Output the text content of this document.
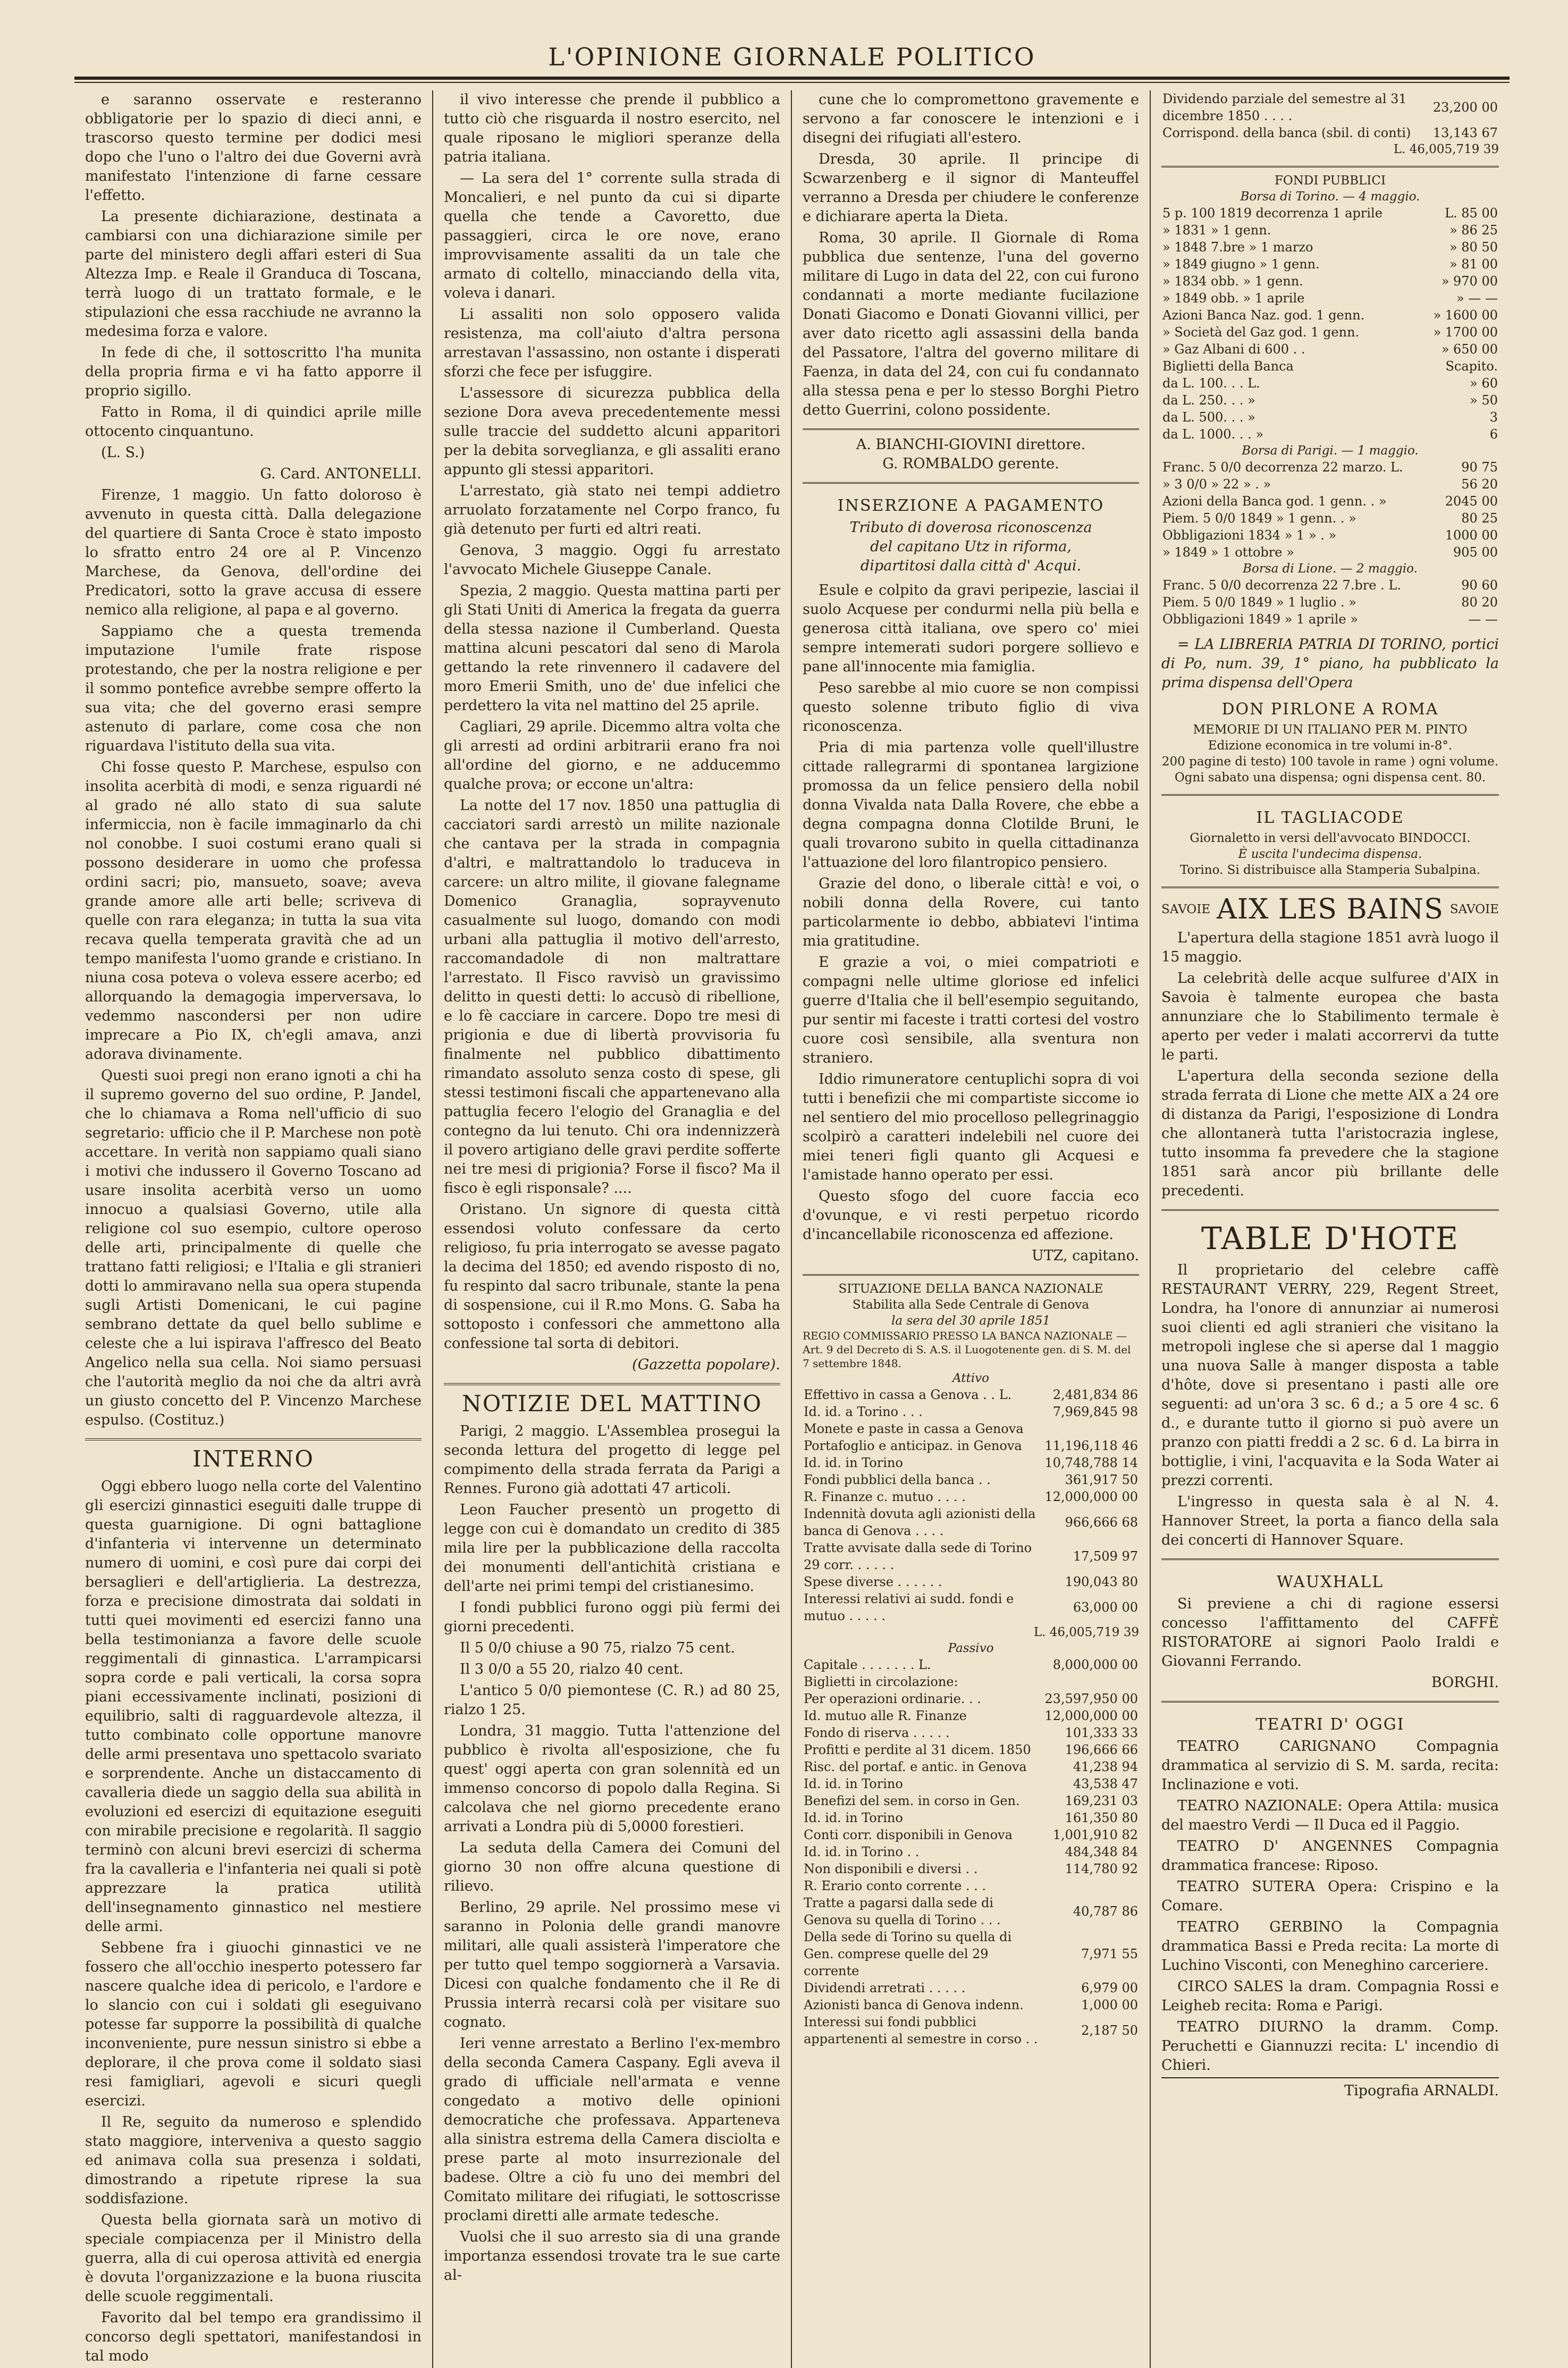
L'OPINIONE GIORNALE POLITICO

e saranno osservate e resteranno obbligatorie per lo spazio di dieci anni, e trascorso questo termine per dodici mesi dopo che l'uno o l'altro dei due Governi avrà manifestato l'intenzione di farne cessare l'effetto.

La presente dichiarazione, destinata a cambiarsi con una dichiarazione simile per parte del ministero degli affari esteri di Sua Altezza Imp. e Reale il Granduca di Toscana, terrà luogo di un trattato formale, e le stipulazioni che essa racchiude ne avranno la medesima forza e valore.

In fede di che, il sottoscritto l'ha munita della propria firma e vi ha fatto apporre il proprio sigillo.

Fatto in Roma, il di quindici aprile mille ottocento cinquantuno.

(L. S.)

G. Card. ANTONELLI.

Firenze, 1 maggio. Un fatto doloroso è avvenuto in questa città. Dalla delegazione del quartiere di Santa Croce è stato imposto lo sfratto entro 24 ore al P. Vincenzo Marchese, da Genova, dell'ordine dei Predicatori, sotto la grave accusa di essere nemico alla religione, al papa e al governo.

Sappiamo che a questa tremenda imputazione l'umile frate rispose protestando, che per la nostra religione e per il sommo pontefice avrebbe sempre offerto la sua vita; che del governo erasi sempre astenuto di parlare, come cosa che non riguardava l'istituto della sua vita.

Chi fosse questo P. Marchese, espulso con insolita acerbità di modi, e senza riguardi né al grado né allo stato di sua salute infermiccia, non è facile immaginarlo da chi nol conobbe. I suoi costumi erano quali si possono desiderare in uomo che professa ordini sacri; pio, mansueto, soave; aveva grande amore alle arti belle; scriveva di quelle con rara eleganza; in tutta la sua vita recava quella temperata gravità che ad un tempo manifesta l'uomo grande e cristiano. In niuna cosa poteva o voleva essere acerbo; ed allorquando la demagogia imperversava, lo vedemmo nascondersi per non udire imprecare a Pio IX, ch'egli amava, anzi adorava divinamente.

Questi suoi pregi non erano ignoti a chi ha il supremo governo del suo ordine, P. Jandel, che lo chiamava a Roma nell'ufficio di suo segretario: ufficio che il P. Marchese non potè accettare. In verità non sappiamo quali siano i motivi che indussero il Governo Toscano ad usare insolita acerbità verso un uomo innocuo a qualsiasi Governo, utile alla religione col suo esempio, cultore operoso delle arti, principalmente di quelle che trattano fatti religiosi; e l'Italia e gli stranieri dotti lo ammiravano nella sua opera stupenda sugli Artisti Domenicani, le cui pagine sembrano dettate da quel bello sublime e celeste che a lui ispirava l'affresco del Beato Angelico nella sua cella. Noi siamo persuasi che l'autorità meglio da noi che da altri avrà un giusto concetto del P. Vincenzo Marchese espulso. (Costituz.)

INTERNO

Oggi ebbero luogo nella corte del Valentino gli esercizi ginnastici eseguiti dalle truppe di questa guarnigione. Di ogni battaglione d'infanteria vi intervenne un determinato numero di uomini, e così pure dai corpi dei bersaglieri e dell'artiglieria. La destrezza, forza e precisione dimostrata dai soldati in tutti quei movimenti ed esercizi fanno una bella testimonianza a favore delle scuole reggimentali di ginnastica. L'arrampicarsi sopra corde e pali verticali, la corsa sopra piani eccessivamente inclinati, posizioni di equilibrio, salti di ragguardevole altezza, il tutto combinato colle opportune manovre delle armi presentava uno spettacolo svariato e sorprendente. Anche un distaccamento di cavalleria diede un saggio della sua abilità in evoluzioni ed esercizi di equitazione eseguiti con mirabile precisione e regolarità. Il saggio terminò con alcuni brevi esercizi di scherma fra la cavalleria e l'infanteria nei quali si potè apprezzare la pratica utilità dell'insegnamento ginnastico nel mestiere delle armi.

Sebbene fra i giuochi ginnastici ve ne fossero che all'occhio inesperto potessero far nascere qualche idea di pericolo, e l'ardore e lo slancio con cui i soldati gli eseguivano potesse far supporre la possibilità di qualche inconveniente, pure nessun sinistro si ebbe a deplorare, il che prova come il soldato siasi resi famigliari, agevoli e sicuri quegli esercizi.

Il Re, seguito da numeroso e splendido stato maggiore, interveniva a questo saggio ed animava colla sua presenza i soldati, dimostrando a ripetute riprese la sua soddisfazione.

Questa bella giornata sarà un motivo di speciale compiacenza per il Ministro della guerra, alla di cui operosa attività ed energia è dovuta l'organizzazione e la buona riuscita delle scuole reggimentali.

Favorito dal bel tempo era grandissimo il concorso degli spettatori, manifestandosi in tal modo

il vivo interesse che prende il pubblico a tutto ciò che risguarda il nostro esercito, nel quale riposano le migliori speranze della patria italiana.

— La sera del 1° corrente sulla strada di Moncalieri, e nel punto da cui si diparte quella che tende a Cavoretto, due passaggieri, circa le ore nove, erano improvvisamente assaliti da un tale che armato di coltello, minacciando della vita, voleva i danari.

Li assaliti non solo opposero valida resistenza, ma coll'aiuto d'altra persona arrestavan l'assassino, non ostante i disperati sforzi che fece per isfuggire.

L'assessore di sicurezza pubblica della sezione Dora aveva precedentemente messi sulle traccie del suddetto alcuni apparitori per la debita sorveglianza, e gli assaliti erano appunto gli stessi apparitori.

L'arrestato, già stato nei tempi addietro arruolato forzatamente nel Corpo franco, fu già detenuto per furti ed altri reati.

Genova, 3 maggio. Oggi fu arrestato l'avvocato Michele Giuseppe Canale.

Spezia, 2 maggio. Questa mattina parti per gli Stati Uniti di America la fregata da guerra della stessa nazione il Cumberland. Questa mattina alcuni pescatori dal seno di Marola gettando la rete rinvennero il cadavere del moro Emerii Smith, uno de' due infelici che perdettero la vita nel mattino del 25 aprile.

Cagliari, 29 aprile. Dicemmo altra volta che gli arresti ad ordini arbitrarii erano fra noi all'ordine del giorno, e ne adducemmo qualche prova; or eccone un'altra:

La notte del 17 nov. 1850 una pattuglia di cacciatori sardi arrestò un milite nazionale che cantava per la strada in compagnia d'altri, e maltrattandolo lo traduceva in carcere: un altro milite, il giovane falegname Domenico Granaglia, soprayvenuto casualmente sul luogo, domando con modi urbani alla pattuglia il motivo dell'arresto, raccomandadole di non maltrattare l'arrestato. Il Fisco ravvisò un gravissimo delitto in questi detti: lo accusò di ribellione, e lo fè cacciare in carcere. Dopo tre mesi di prigionia e due di libertà provvisoria fu finalmente nel pubblico dibattimento rimandato assoluto senza costo di spese, gli stessi testimoni fiscali che appartenevano alla pattuglia fecero l'elogio del Granaglia e del contegno da lui tenuto. Chi ora indennizzerà il povero artigiano delle gravi perdite sofferte nei tre mesi di prigionia? Forse il fisco? Ma il fisco è egli risponsale? ....

Oristano. Un signore di questa città essendosi voluto confessare da certo religioso, fu pria interrogato se avesse pagato la decima del 1850; ed avendo risposto di no, fu respinto dal sacro tribunale, stante la pena di sospensione, cui il R.mo Mons. G. Saba ha sottoposto i confessori che ammettono alla confessione tal sorta di debitori.

(Gazzetta popolare).

NOTIZIE DEL MATTINO

Parigi, 2 maggio. L'Assemblea prosegui la seconda lettura del progetto di legge pel compimento della strada ferrata da Parigi a Rennes. Furono già adottati 47 articoli.

Leon Faucher presentò un progetto di legge con cui è domandato un credito di 385 mila lire per la pubblicazione della raccolta dei monumenti dell'antichità cristiana e dell'arte nei primi tempi del cristianesimo.

I fondi pubblici furono oggi più fermi dei giorni precedenti.

Il 5 0/0 chiuse a 90 75, rialzo 75 cent.

Il 3 0/0 a 55 20, rialzo 40 cent.

L'antico 5 0/0 piemontese (C. R.) ad 80 25, rialzo 1 25.

Londra, 31 maggio. Tutta l'attenzione del pubblico è rivolta all'esposizione, che fu quest' oggi aperta con gran solennità ed un immenso concorso di popolo dalla Regina. Si calcolava che nel giorno precedente erano arrivati a Londra più di 5,0000 forestieri.

La seduta della Camera dei Comuni del giorno 30 non offre alcuna questione di rilievo.

Berlino, 29 aprile. Nel prossimo mese vi saranno in Polonia delle grandi manovre militari, alle quali assisterà l'imperatore che per tutto quel tempo soggiornerà a Varsavia. Dicesi con qualche fondamento che il Re di Prussia interrà recarsi colà per visitare suo cognato.

Ieri venne arrestato a Berlino l'ex-membro della seconda Camera Caspany. Egli aveva il grado di ufficiale nell'armata e venne congedato a motivo delle opinioni democratiche che professava. Apparteneva alla sinistra estrema della Camera disciolta e prese parte al moto insurrezionale del badese. Oltre a ciò fu uno dei membri del Comitato militare dei rifugiati, le sottoscrisse proclami diretti alle armate tedesche.

Vuolsi che il suo arresto sia di una grande importanza essendosi trovate tra le sue carte al-

cune che lo compromettono gravemente e servono a far conoscere le intenzioni e i disegni dei rifugiati all'estero.

Dresda, 30 aprile. Il principe di Scwarzenberg e il signor di Manteuffel verranno a Dresda per chiudere le conferenze e dichiarare aperta la Dieta.

Roma, 30 aprile. Il Giornale di Roma pubblica due sentenze, l'una del governo militare di Lugo in data del 22, con cui furono condannati a morte mediante fucilazione Donati Giacomo e Donati Giovanni villici, per aver dato ricetto agli assassini della banda del Passatore, l'altra del governo militare di Faenza, in data del 24, con cui fu condannato alla stessa pena e per lo stesso Borghi Pietro detto Guerrini, colono possidente.

A. BIANCHI-GIOVINI direttore.
G. ROMBALDO gerente.
INSERZIONE A PAGAMENTO
Tributo di doverosa riconoscenza
del capitano Utz in riforma,
dipartitosi dalla città d' Acqui.

Esule e colpito da gravi peripezie, lasciai il suolo Acquese per condurmi nella più bella e generosa città italiana, ove spero co' miei sempre intemerati sudori porgere sollievo e pane all'innocente mia famiglia.

Peso sarebbe al mio cuore se non compissi questo solenne tributo figlio di viva riconoscenza.

Pria di mia partenza volle quell'illustre cittade rallegrarmi di spontanea largizione promossa da un felice pensiero della nobil donna Vivalda nata Dalla Rovere, che ebbe a degna compagna donna Clotilde Bruni, le quali trovarono subito in quella cittadinanza l'attuazione del loro filantropico pensiero.

Grazie del dono, o liberale città! e voi, o nobili donna della Rovere, cui tanto particolarmente io debbo, abbiatevi l'intima mia gratitudine.

E grazie a voi, o miei compatrioti e compagni nelle ultime gloriose ed infelici guerre d'Italia che il bell'esempio seguitando, pur sentir mi faceste i tratti cortesi del vostro cuore così sensibile, alla sventura non straniero.

Iddio rimuneratore centuplichi sopra di voi tutti i benefizii che mi compartiste siccome io nel sentiero del mio procelloso pellegrinaggio scolpirò a caratteri indelebili nel cuore dei miei teneri figli quanto gli Acquesi e l'amistade hanno operato per essi.

Questo sfogo del cuore faccia eco d'ovunque, e vi resti perpetuo ricordo d'incancellabile riconoscenza ed affezione.

UTZ, capitano.

SITUAZIONE DELLA BANCA NAZIONALE
Stabilita alla Sede Centrale di Genova
la sera del 30 aprile 1851
REGIO COMMISSARIO PRESSO LA BANCA NAZIONALE — Art. 9 del Decreto di S. A.S. il Luogotenente gen. di S. M. del 7 settembre 1848.
Attivo
Effettivo in cassa a Genova . . L.	2,481,834 86
Id. id. a Torino . . .	7,969,845 98
Monete e paste in cassa a Genova	
Portafoglio e anticipaz. in Genova	11,196,118 46
Id. id. in Torino	10,748,788 14
Fondi pubblici della banca . .	361,917 50
R. Finanze c. mutuo . . . .	12,000,000 00
Indennità dovuta agli azionisti della banca di Genova . . . .	966,666 68
Tratte avvisate dalla sede di Torino 29 corr. . . . . .	17,509 97
Spese diverse . . . . . .	190,043 80
Interessi relativi ai sudd. fondi e mutuo . . . . .	63,000 00
L. 46,005,719 39
Passivo
Capitale . . . . . . . L.	8,000,000 00
Biglietti in circolazione:	
Per operazioni ordinarie. . .	23,597,950 00
Id. mutuo alle R. Finanze	12,000,000 00
Fondo di riserva . . . . .	101,333 33
Profitti e perdite al 31 dicem. 1850	196,666 66
Risc. del portaf. e antic. in Genova	41,238 94
Id. id. in Torino	43,538 47
Benefizi del sem. in corso in Gen.	169,231 03
Id. id. in Torino	161,350 80
Conti corr. disponibili in Genova	1,001,910 82
Id. id. in Torino . .	484,348 84
Non disponibili e diversi . .	114,780 92
R. Erario conto corrente . . .	
Tratte a pagarsi dalla sede di Genova su quella di Torino . . .	40,787 86
Della sede di Torino su quella di Gen. comprese quelle del 29 corrente	7,971 55
Dividendi arretrati . . . . .	6,979 00
Azionisti banca di Genova indenn.	1,000 00
Interessi sui fondi pubblici appartenenti al semestre in corso . .	2,187 50
Dividendo parziale del semestre al 31 dicembre 1850 . . . .	23,200 00
Corrispond. della banca (sbil. di conti)	13,143 67
L. 46,005,719 39
FONDI PUBBLICI
Borsa di Torino. — 4 maggio.
5 p. 100 1819 decorrenza 1 aprile	L. 85 00
» 1831 » 1 genn.	» 86 25
» 1848 7.bre » 1 marzo	» 80 50
» 1849 giugno » 1 genn.	» 81 00
» 1834 obb. » 1 genn.	» 970 00
» 1849 obb. » 1 aprile	» — —
Azioni Banca Naz. god. 1 genn.	» 1600 00
» Società del Gaz god. 1 genn.	» 1700 00
» Gaz Albani di 600 . .	» 650 00
Biglietti della Banca	Scapito.
da L. 100. . . L.	» 60
da L. 250. . . »	» 50
da L. 500. . . »	3
da L. 1000. . . »	6
Borsa di Parigi. — 1 maggio.
Franc. 5 0/0 decorrenza 22 marzo. L.	90 75
» 3 0/0 » 22 » . »	56 20
Azioni della Banca god. 1 genn. . »	2045 00
Piem. 5 0/0 1849 » 1 genn. . »	80 25
Obbligazioni 1834 » 1 » . »	1000 00
» 1849 » 1 ottobre »	905 00
Borsa di Lione. — 2 maggio.
Franc. 5 0/0 decorrenza 22 7.bre . L.	90 60
Piem. 5 0/0 1849 » 1 luglio . »	80 20
Obbligazioni 1849 » 1 aprile »	— —

= LA LIBRERIA PATRIA DI TORINO, portici di Po, num. 39, 1° piano, ha pubblicato la prima dispensa dell'Opera

DON PIRLONE A ROMA
MEMORIE DI UN ITALIANO PER M. PINTO
Edizione economica in tre volumi in-8°.
200 pagine di testo) 100 tavole in rame ) ogni volume.
Ogni sabato una dispensa; ogni dispensa cent. 80.
IL TAGLIACODE
Giornaletto in versi dell'avvocato BINDOCCI.
È uscita l'undecima dispensa.
Torino. Si distribuisce alla Stamperia Subalpina.
SAVOIE AIX LES BAINS SAVOIE

L'apertura della stagione 1851 avrà luogo il 15 maggio.

La celebrità delle acque sulfuree d'AIX in Savoia è talmente europea che basta annunziare che lo Stabilimento termale è aperto per veder i malati accorrervi da tutte le parti.

L'apertura della seconda sezione della strada ferrata di Lione che mette AIX a 24 ore di distanza da Parigi, l'esposizione di Londra che allontanerà tutta l'aristocrazia inglese, tutto insomma fa prevedere che la stagione 1851 sarà ancor più brillante delle precedenti.

TABLE D'HOTE

Il proprietario del celebre caffè RESTAURANT VERRY, 229, Regent Street, Londra, ha l'onore di annunziar ai numerosi suoi clienti ed agli stranieri che visitano la metropoli inglese che si aperse dal 1 maggio una nuova Salle à manger disposta a table d'hôte, dove si presentano i pasti alle ore seguenti: ad un'ora 3 sc. 6 d.; a 5 ore 4 sc. 6 d., e durante tutto il giorno si può avere un pranzo con piatti freddi a 2 sc. 6 d. La birra in bottiglie, i vini, l'acquavita e la Soda Water ai prezzi correnti.

L'ingresso in questa sala è al N. 4. Hannover Street, la porta a fianco della sala dei concerti di Hannover Square.

WAUXHALL

Si previene a chi di ragione essersi concesso l'affittamento del CAFFÈ RISTORATORE ai signori Paolo Iraldi e Giovanni Ferrando.

BORGHI.

TEATRI D' OGGI

TEATRO CARIGNANO Compagnia drammatica al servizio di S. M. sarda, recita: Inclinazione e voti.

TEATRO NAZIONALE: Opera Attila: musica del maestro Verdi — Il Duca ed il Paggio.

TEATRO D' ANGENNES Compagnia drammatica francese: Riposo.

TEATRO SUTERA Opera: Crispino e la Comare.

TEATRO GERBINO la Compagnia drammatica Bassi e Preda recita: La morte di Luchino Visconti, con Meneghino carceriere.

CIRCO SALES la dram. Compagnia Rossi e Leigheb recita: Roma e Parigi.

TEATRO DIURNO la dramm. Comp. Peruchetti e Giannuzzi recita: L' incendio di Chieri.

Tipografia ARNALDI.
